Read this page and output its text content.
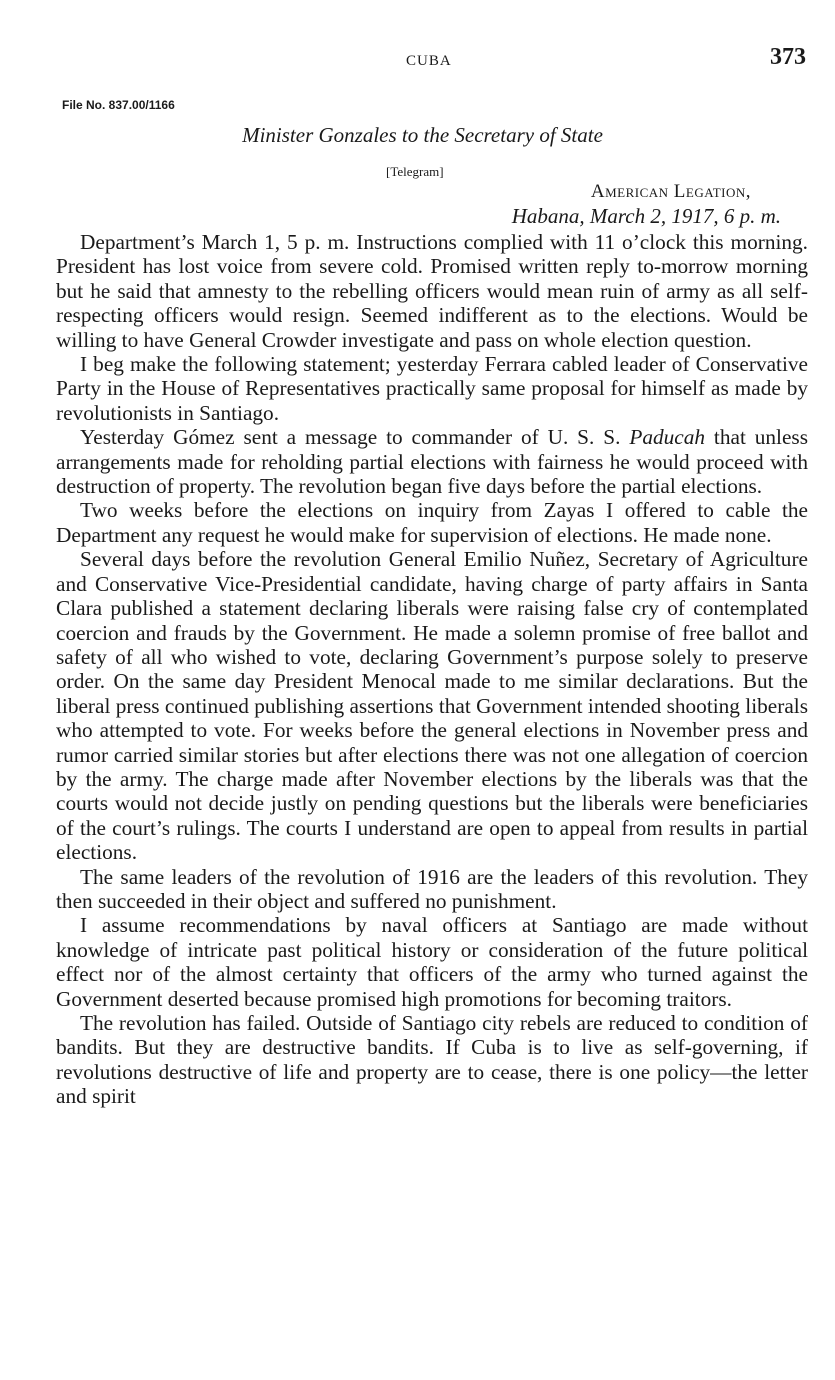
CUBA	373
File No. 837.00/1166
Minister Gonzales to the Secretary of State
[Telegram]
American Legation,
Habana, March 2, 1917, 6 p. m.

Department’s March 1, 5 p. m. Instructions complied with 11 o’clock this morning. President has lost voice from severe cold. Promised written reply to-morrow morning but he said that amnesty to the rebelling officers would mean ruin of army as all self-respecting officers would resign. Seemed indifferent as to the elections. Would be willing to have General Crowder investigate and pass on whole election question.

I beg make the following statement; yesterday Ferrara cabled leader of Conservative Party in the House of Representatives practically same proposal for himself as made by revolutionists in Santiago.

Yesterday Gómez sent a message to commander of U. S. S. Paducah that unless arrangements made for reholding partial elections with fairness he would proceed with destruction of property. The revolution began five days before the partial elections.

Two weeks before the elections on inquiry from Zayas I offered to cable the Department any request he would make for supervision of elections. He made none.

Several days before the revolution General Emilio Nuñez, Secretary of Agriculture and Conservative Vice-Presidential candidate, having charge of party affairs in Santa Clara published a statement declaring liberals were raising false cry of contemplated coercion and frauds by the Government. He made a solemn promise of free ballot and safety of all who wished to vote, declaring Government’s purpose solely to preserve order. On the same day President Menocal made to me similar declarations. But the liberal press continued publishing assertions that Government intended shooting liberals who attempted to vote. For weeks before the general elections in November press and rumor carried similar stories but after elections there was not one allegation of coercion by the army. The charge made after November elections by the liberals was that the courts would not decide justly on pending questions but the liberals were beneficiaries of the court’s rulings. The courts I understand are open to appeal from results in partial elections.

The same leaders of the revolution of 1916 are the leaders of this revolution. They then succeeded in their object and suffered no punishment.

I assume recommendations by naval officers at Santiago are made without knowledge of intricate past political history or consideration of the future political effect nor of the almost certainty that officers of the army who turned against the Government deserted because promised high promotions for becoming traitors.

The revolution has failed. Outside of Santiago city rebels are reduced to condition of bandits. But they are destructive bandits. If Cuba is to live as self-governing, if revolutions destructive of life and property are to cease, there is one policy—the letter and spirit
